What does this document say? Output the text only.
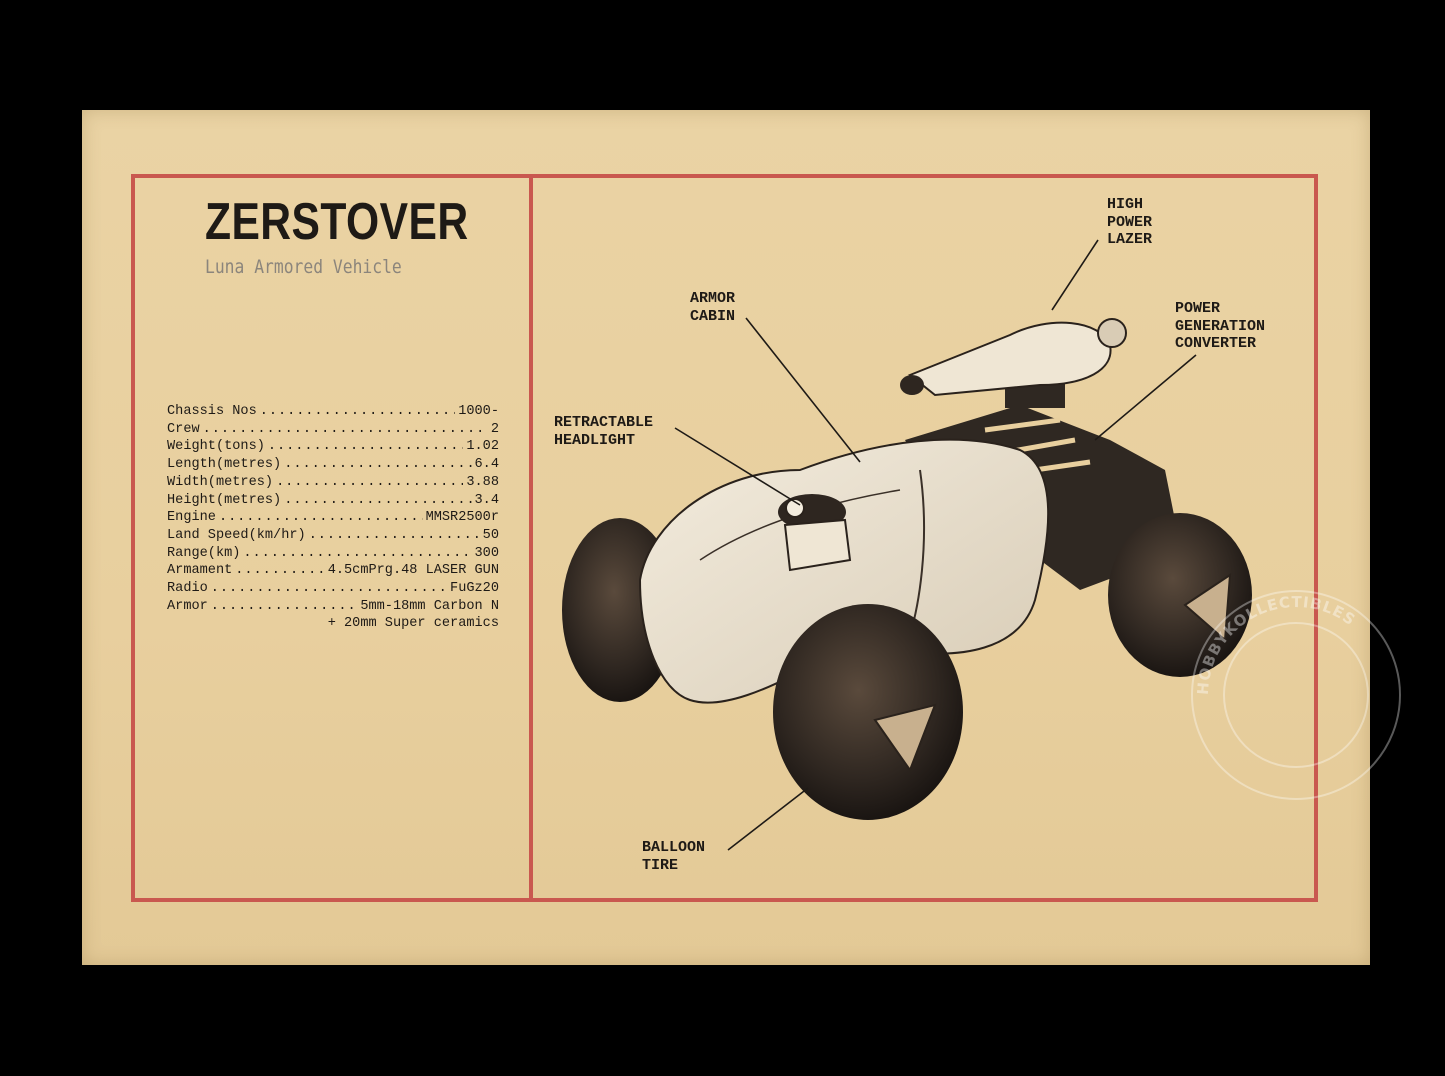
ZERSTOVER
Luna Armored Vehicle
Chassis Nos . . .	1000-
Crew . . .	2
Weight(tons) . . .	1.02
Length(metres) . . .	6.4
Width(metres) . . .	3.88
Height(metres) . . .	3.4
Engine . . .	MMSR2500r
Land Speed(km/hr) . . .	50
Range(km) . . .	300
Armament . . .	4.5cmPrg.48 LASER GUN
Radio . . .	FuGz20
Armor . . .	5mm-18mm Carbon N
+ 20mm Super ceramics
HIGH
POWER
LAZER
ARMOR
CABIN	POWER
GENERATION
CONVERTER
RETRACTABLE
HEADLIGHT
BALLOON
TIRE
HOBBYKOLLECTIBLES
